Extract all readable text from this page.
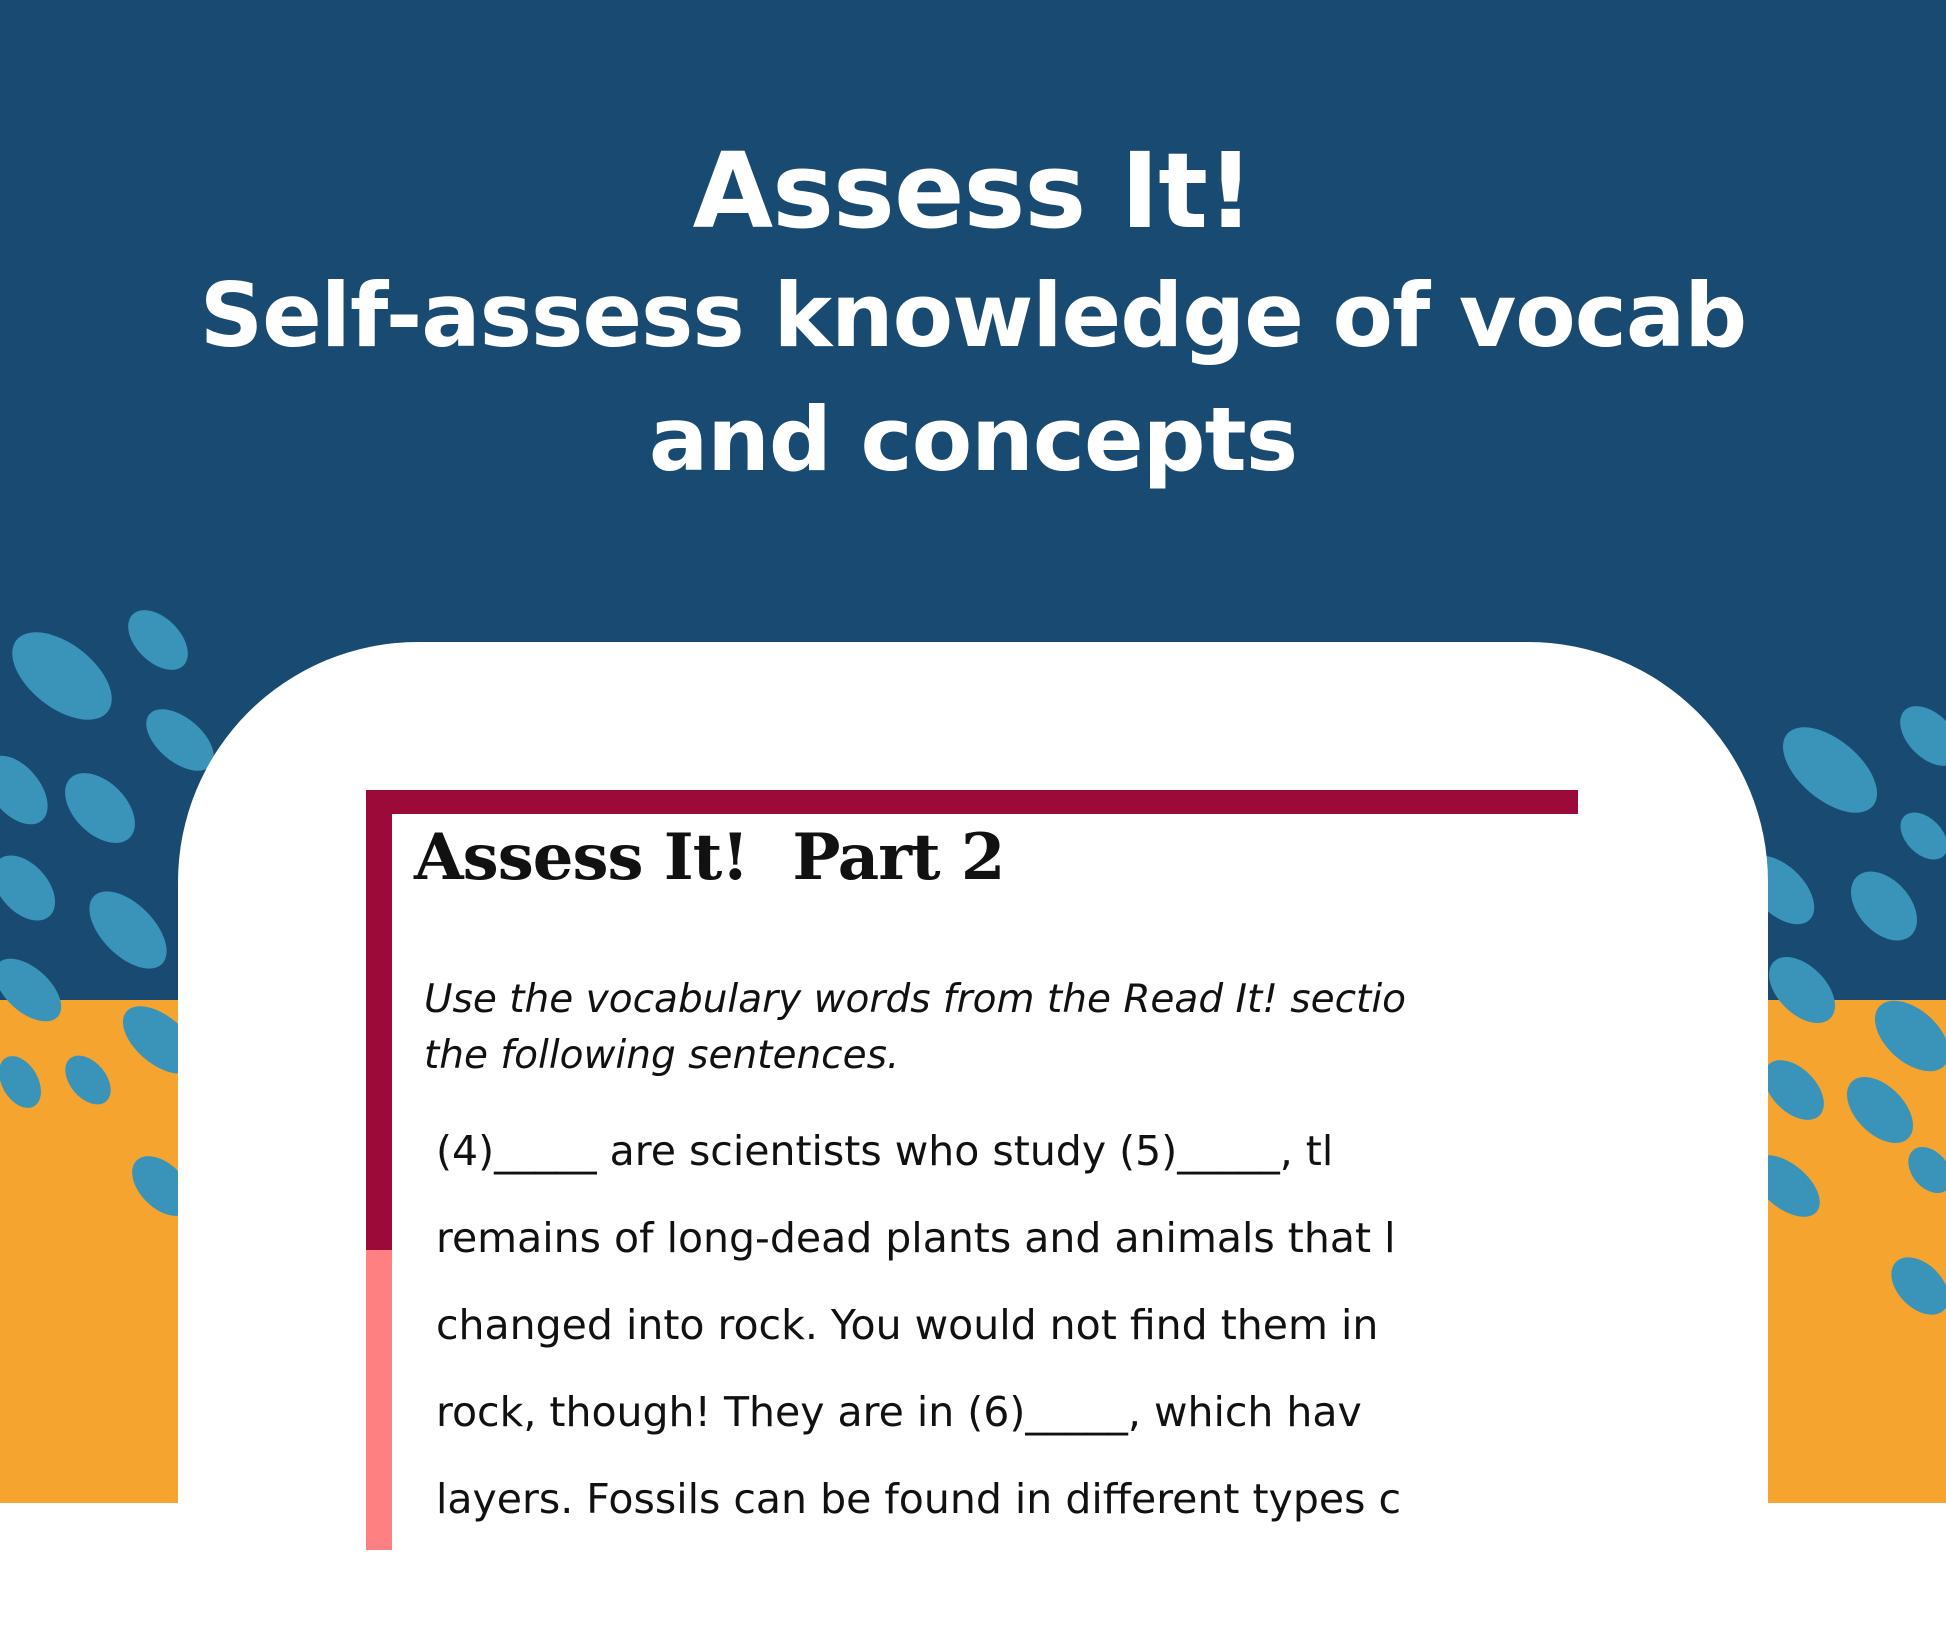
Assess It!
Self-assess knowledge of vocab
and concepts
Assess It! Part 2
Use the vocabulary words from the Read It! sectio
the following sentences.
(4)_____ are scientists who study (5)_____, tl
remains of long-dead plants and animals that l
changed into rock. You would not find them in
rock, though! They are in (6)_____, which hav
layers. Fossils can be found in different types c
